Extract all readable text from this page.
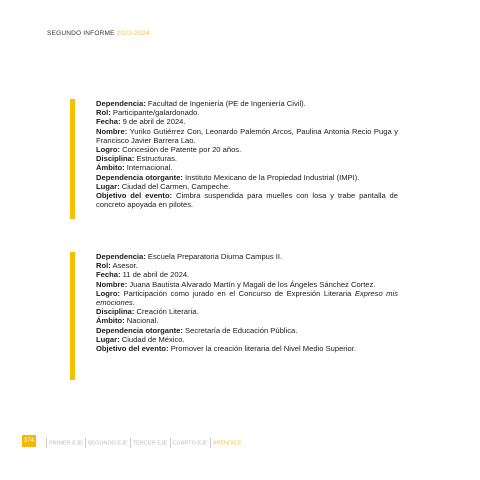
SEGUNDO INFORME 2023-2024

Dependencia: Facultad de Ingeniería (PE de Ingeniería Civil).

Rol: Participante/galardonado.

Fecha: 9 de abril de 2024.

Nombre: Yuriko Gutiérrez Con, Leonardo Palemón Arcos, Paulina Antonia Recio Puga y Francisco Javier Barrera Lao.

Logro: Concesión de Patente por 20 años.

Disciplina: Estructuras.

Ámbito: Internacional.

Dependencia otorgante: Instituto Mexicano de la Propiedad Industrial (IMPI).

Lugar: Ciudad del Carmen, Campeche.

Objetivo del evento: Cimbra suspendida para muelles con losa y trabe pantalla de concreto apoyada en pilotes.

Dependencia: Escuela Preparatoria Diurna Campus II.

Rol: Asesor.

Fecha: 11 de abril de 2024.

Nombre: Juana Bautista Alvarado Martín y Magali de los Ángeles Sánchez Cortez.

Logro: Participación como jurado en el Concurso de Expresión Literaria Expreso mis emociones.

Disciplina: Creación Literaria.

Ámbito: Nacional.

Dependencia otorgante: Secretaría de Educación Pública.

Lugar: Ciudad de México.

Objetivo del evento: Promover la creación literaria del Nivel Medio Superior.

374	PRIMER EJE SEGUNDO EJE TERCER EJE CUARTO EJE APÉNDICE
